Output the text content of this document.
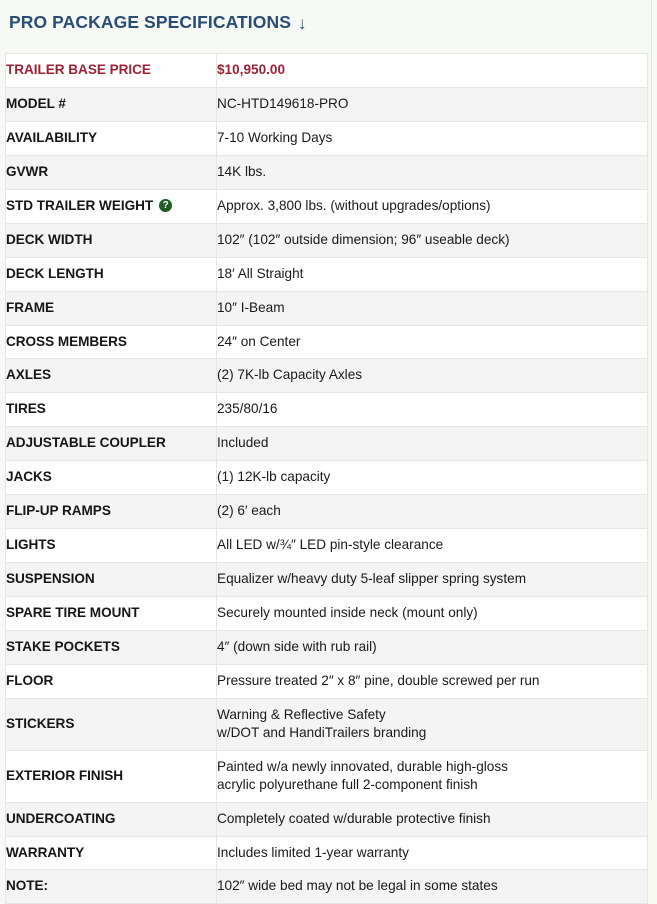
PRO PACKAGE SPECIFICATIONS ↓
TRAILER BASE PRICE	$10,950.00

MODEL #	NC-HTD149618-PRO

AVAILABILITY	7-10 Working Days

GVWR	14K lbs.

STD TRAILER WEIGHT ?	Approx. 3,800 lbs. (without upgrades/options)

DECK WIDTH	102″ (102″ outside dimension; 96″ useable deck)

DECK LENGTH	18′ All Straight

FRAME	10″ I-Beam

CROSS MEMBERS	24″ on Center

AXLES	(2) 7K-lb Capacity Axles

TIRES	235/80/16

ADJUSTABLE COUPLER	Included

JACKS	(1) 12K-lb capacity

FLIP-UP RAMPS	(2) 6′ each

LIGHTS	All LED w/¾″ LED pin-style clearance

SUSPENSION	Equalizer w/heavy duty 5-leaf slipper spring system

SPARE TIRE MOUNT	Securely mounted inside neck (mount only)

STAKE POCKETS	4″ (down side with rub rail)

FLOOR	Pressure treated 2″ x 8″ pine, double screwed per run

STICKERS	Warning & Reflective Safety
w/DOT and HandiTrailers branding

EXTERIOR FINISH	Painted w/a newly innovated, durable high-gloss
acrylic polyurethane full 2-component finish

UNDERCOATING	Completely coated w/durable protective finish

WARRANTY	Includes limited 1-year warranty

NOTE:	102″ wide bed may not be legal in some states
